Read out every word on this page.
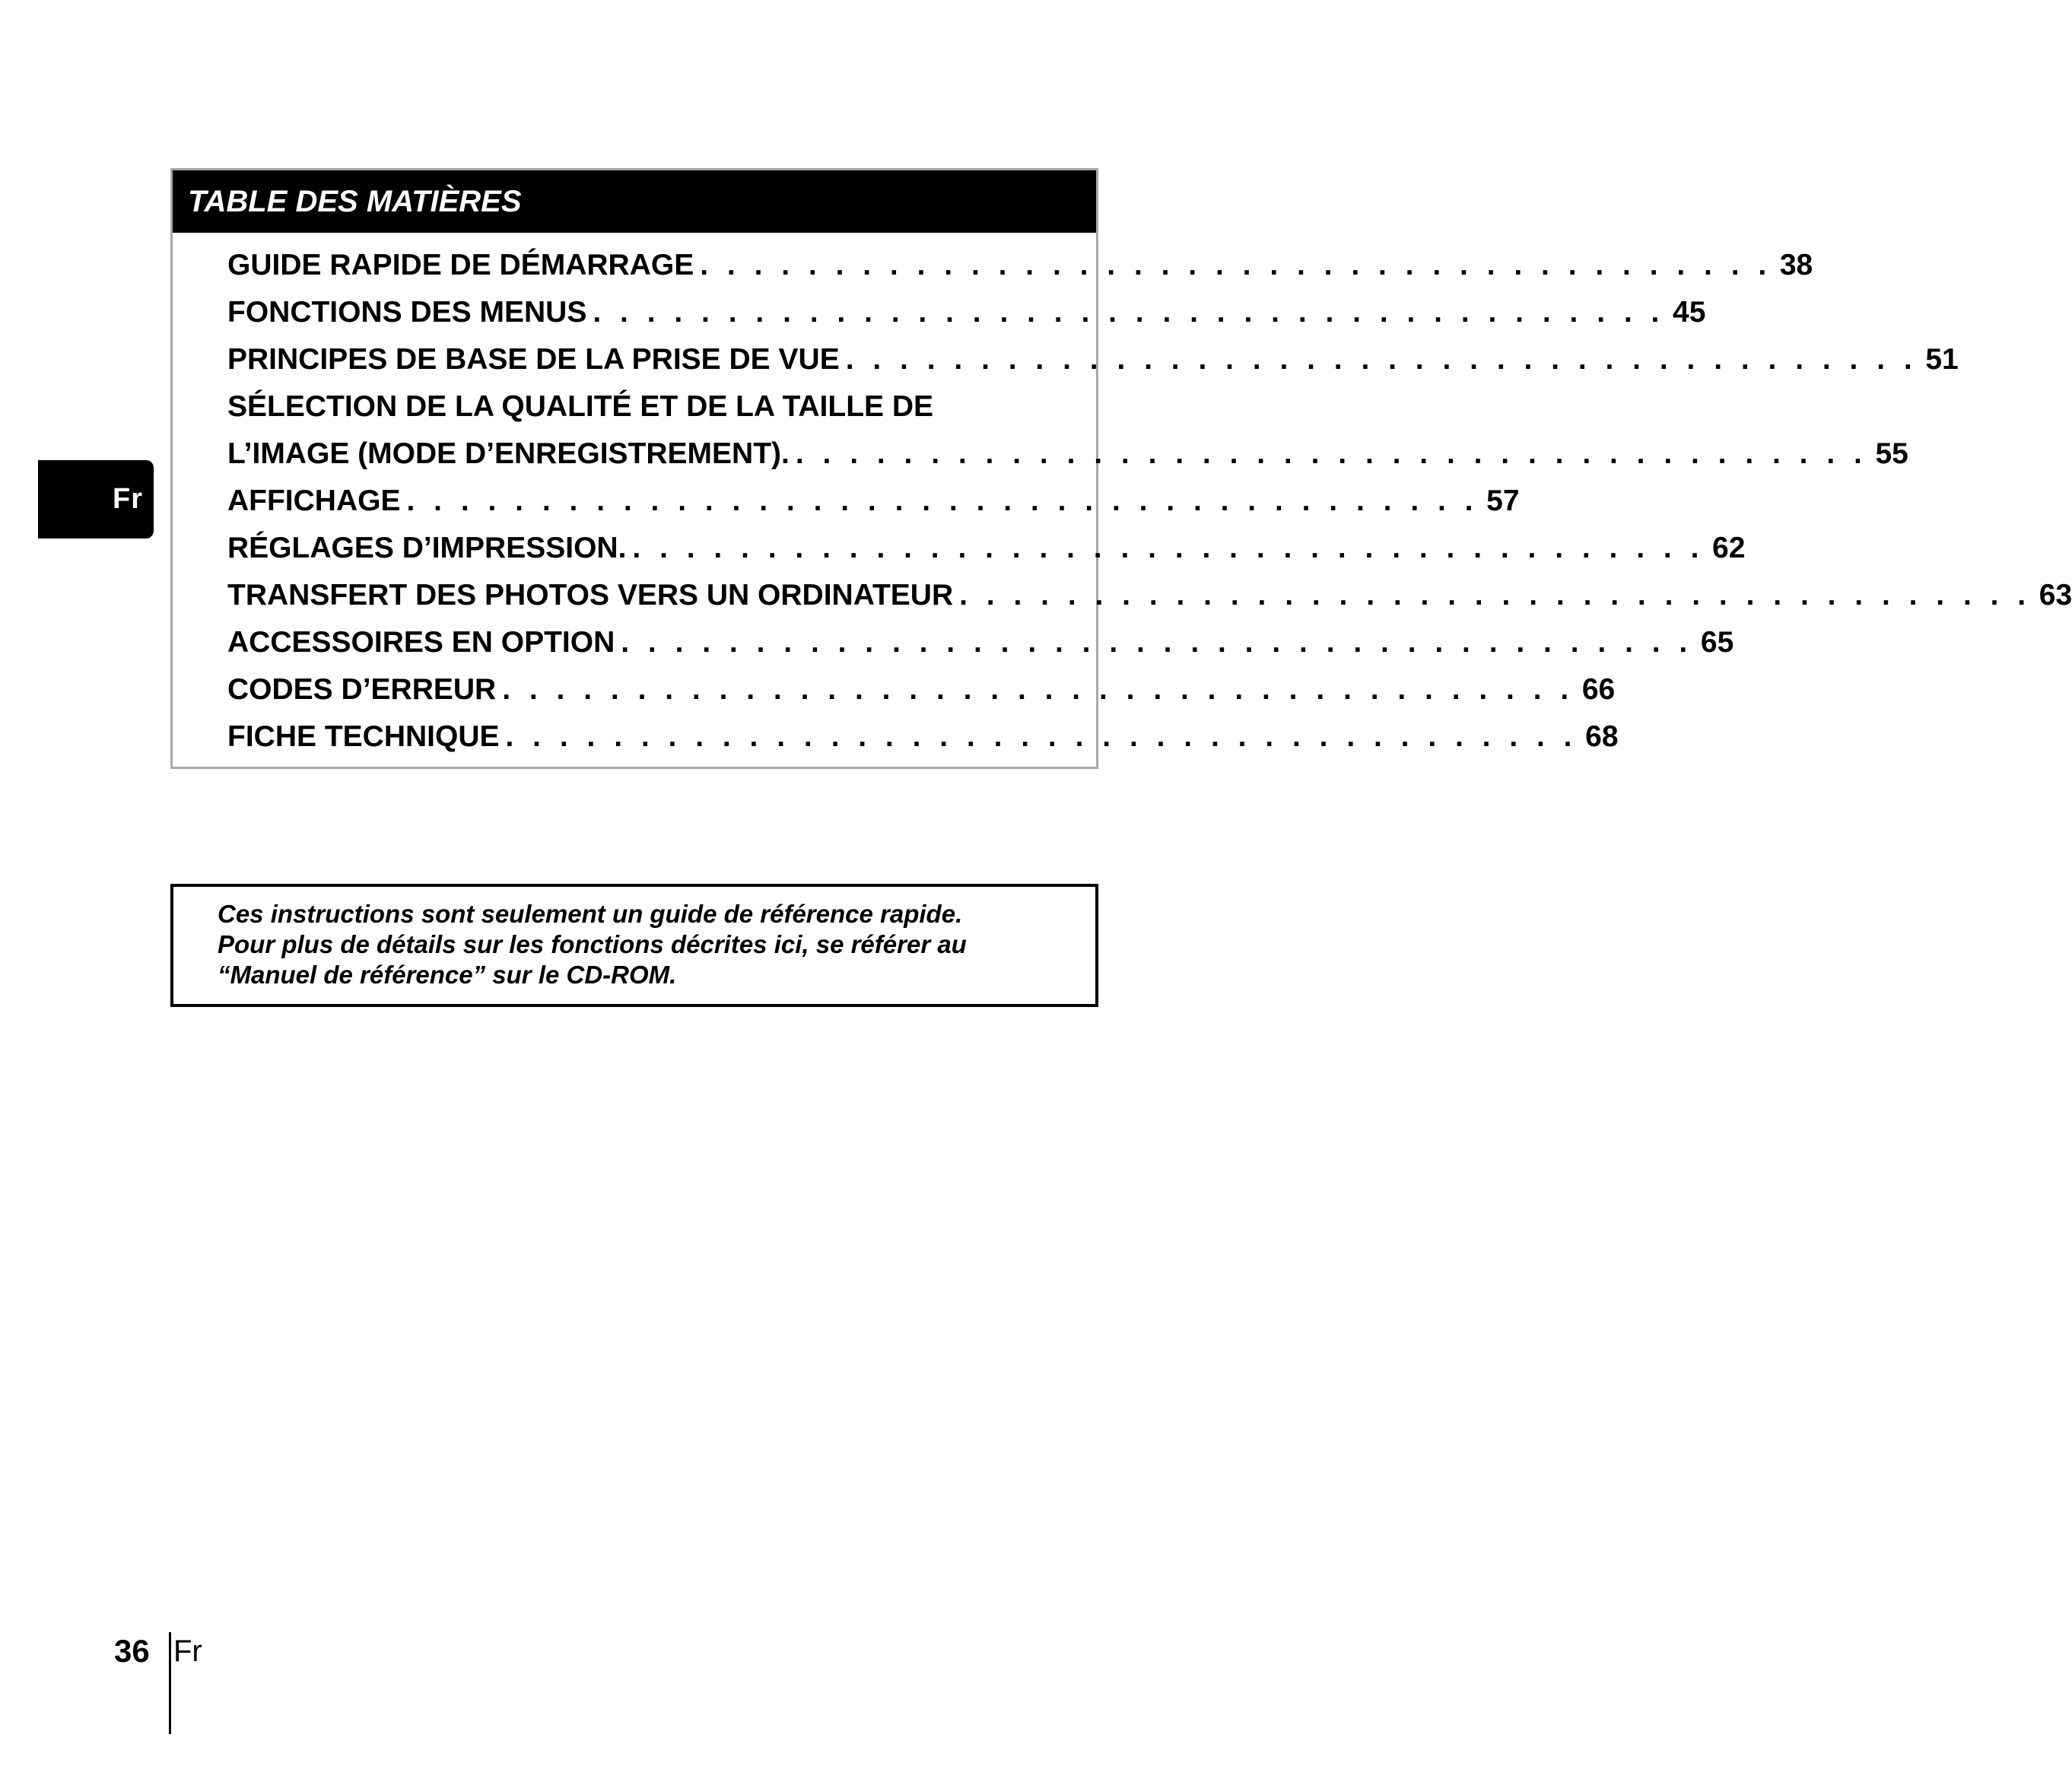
Fr
TABLE DES MATIÈRES
GUIDE RAPIDE DE DÉMARRAGE . . . . . . . . . . . . . . . . . . . . . . . . . . . . . . . . . . . . . . . . 38
FONCTIONS DES MENUS . . . . . . . . . . . . . . . . . . . . . . . . . . . . . . . . . . . . . . . . 45
PRINCIPES DE BASE DE LA PRISE DE VUE . . . . . . . . . . . . . . . . . . . . . . . . . . . . . . . . . . . . . . . . 51
SÉLECTION DE LA QUALITÉ ET DE LA TAILLE DE
L’IMAGE (MODE D’ENREGISTREMENT). . . . . . . . . . . . . . . . . . . . . . . . . . . . . . . . . . . . . . . . . 55
AFFICHAGE . . . . . . . . . . . . . . . . . . . . . . . . . . . . . . . . . . . . . . . . 57
RÉGLAGES D’IMPRESSION. . . . . . . . . . . . . . . . . . . . . . . . . . . . . . . . . . . . . . . . . 62
TRANSFERT DES PHOTOS VERS UN ORDINATEUR . . . . . . . . . . . . . . . . . . . . . . . . . . . . . . . . . . . . . . . . 63
ACCESSOIRES EN OPTION . . . . . . . . . . . . . . . . . . . . . . . . . . . . . . . . . . . . . . . . 65
CODES D’ERREUR . . . . . . . . . . . . . . . . . . . . . . . . . . . . . . . . . . . . . . . . 66
FICHE TECHNIQUE . . . . . . . . . . . . . . . . . . . . . . . . . . . . . . . . . . . . . . . . 68
Ces instructions sont seulement un guide de référence rapide.
Pour plus de détails sur les fonctions décrites ici, se référer au
“Manuel de référence” sur le CD-ROM.
36 Fr
